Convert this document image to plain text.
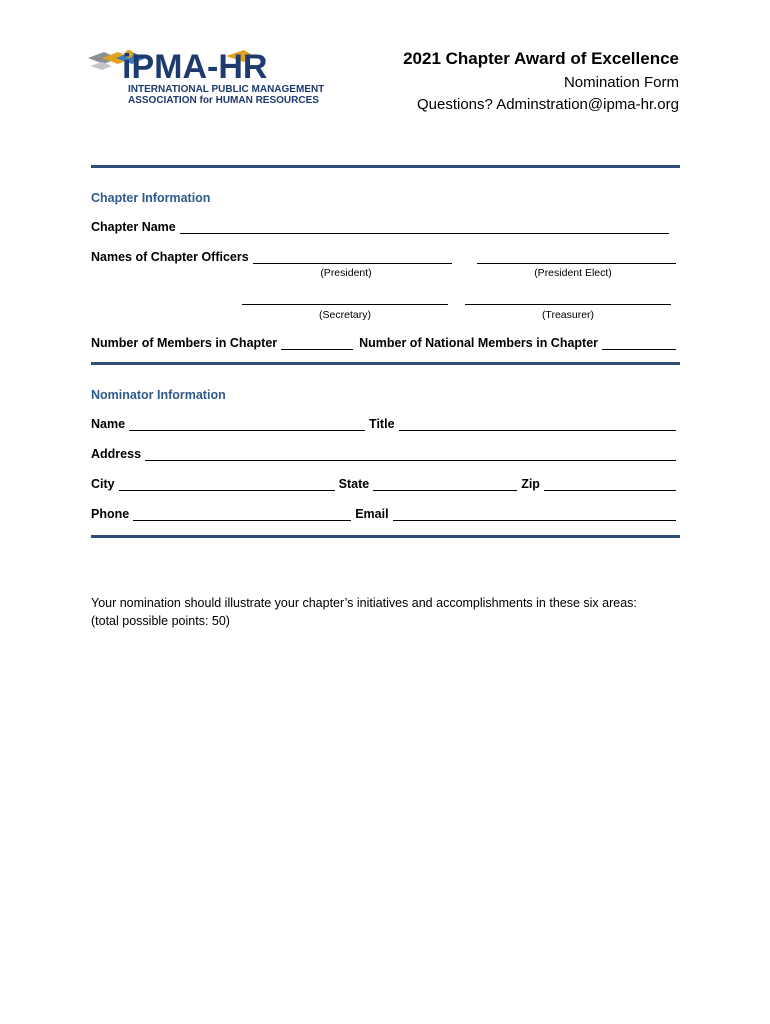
iPMA-HR
INTERNATIONAL PUBLIC MANAGEMENT
ASSOCIATION for HUMAN RESOURCES
2021 Chapter Award of Excellence
Nomination Form
Questions? Adminstration@ipma-hr.org
Chapter Information
Chapter Name
Names of Chapter Officers
(President)	(President Elect)
(Secretary)	(Treasurer)
Number of Members in Chapter	Number of National Members in Chapter
Nominator Information
Name	Title
Address
City	State	Zip
Phone	Email
Your nomination should illustrate your chapter’s initiatives and accomplishments in these six areas:
(total possible points: 50)
